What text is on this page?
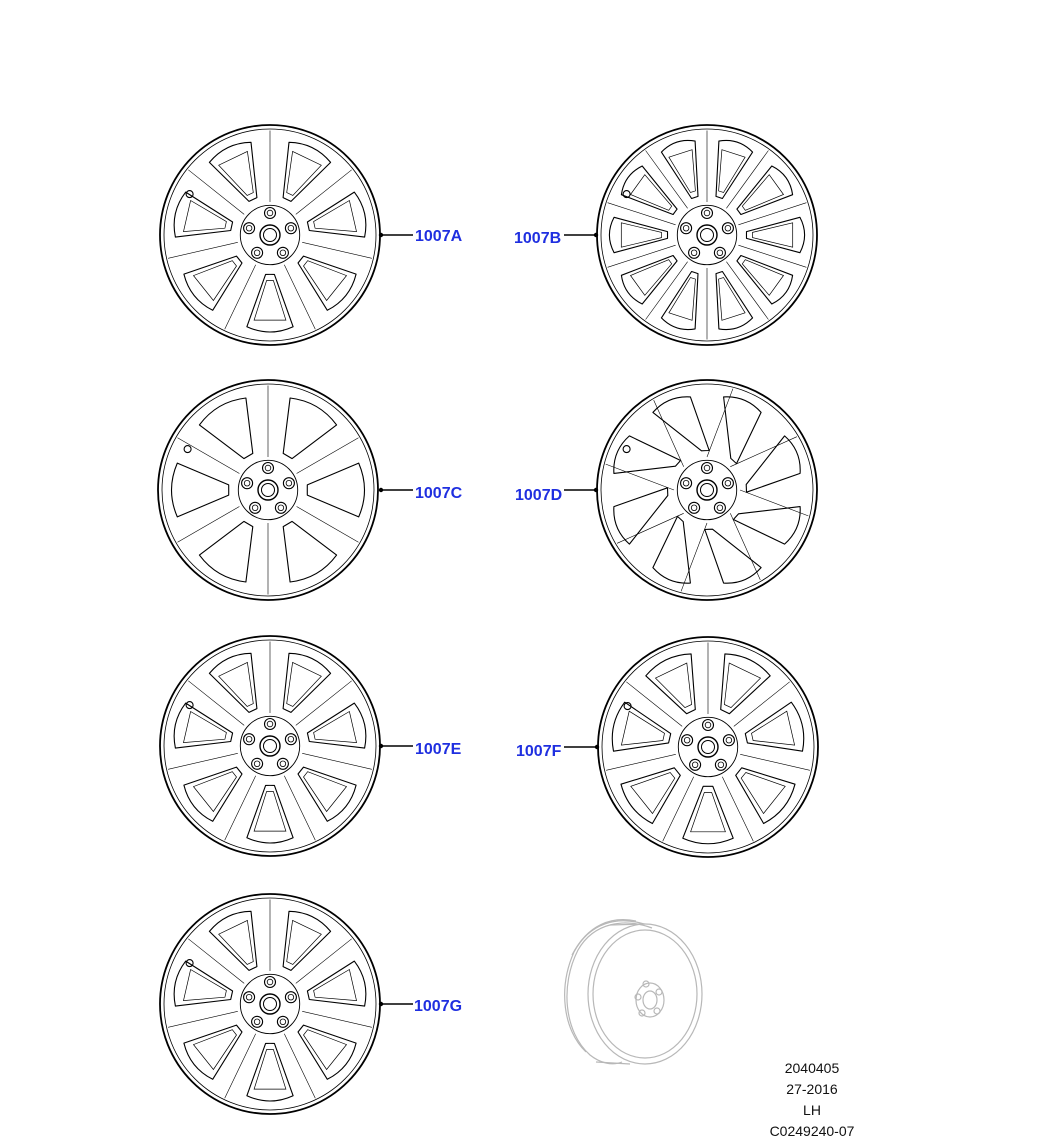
1007A	1007B
1007C	1007D
1007E	1007F
1007G
2040405
27-2016
LH
C0249240-07
